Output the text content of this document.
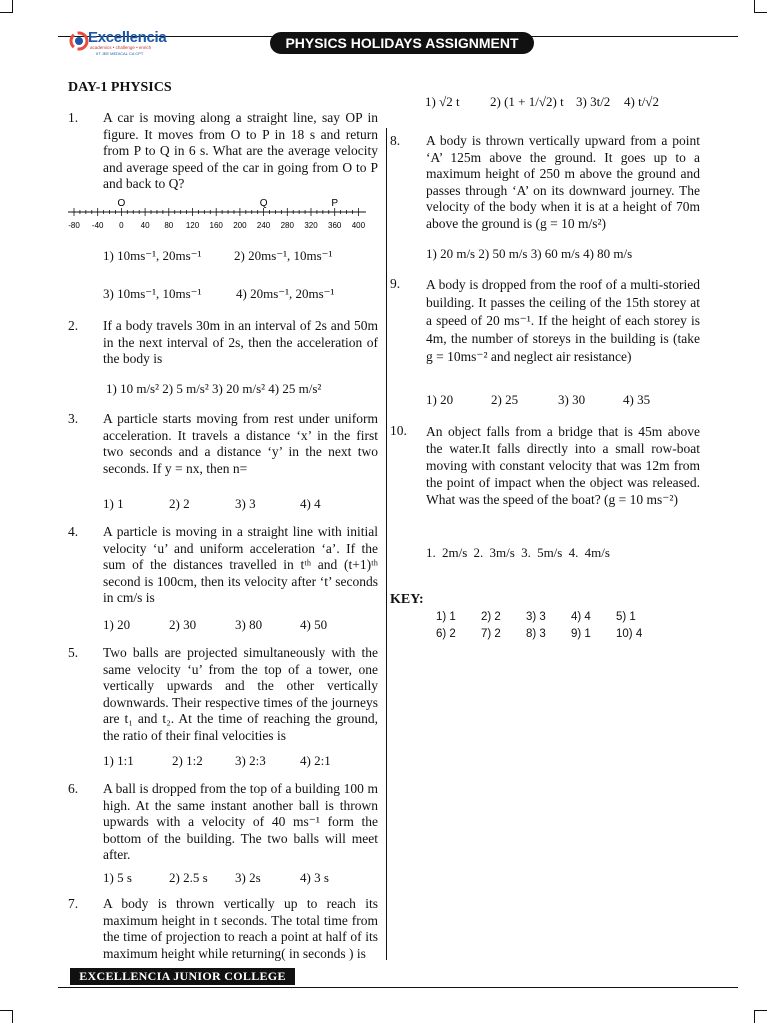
Excellencia
academics • challenge • enrich
IIT JEE MEDICAL CA CPT
PHYSICS HOLIDAYS ASSIGNMENT
DAY-1 PHYSICS
1. A car is moving along a straight line, say OP in figure. It moves from O to P in 18 s and return from P to Q in 6 s. What are the average velocity and average speed of the car in going from O to P and back to Q?
-80 -40 0 40 80 120 160 200 240 280 320 360 400
O	Q	P
1) 10ms⁻¹, 20ms⁻¹	2) 20ms⁻¹, 10ms⁻¹
3) 10ms⁻¹, 10ms⁻¹	4) 20ms⁻¹, 20ms⁻¹
2. If a body travels 30m in an interval of 2s and 50m in the next interval of 2s, then the acceleration of the body is
1) 10 m/s² 2) 5 m/s² 3) 20 m/s² 4) 25 m/s²
3. A particle starts moving from rest under uniform acceleration. It travels a distance ‘x’ in the first two seconds and a distance ‘y’ in the next two seconds. If y = nx, then n=
1) 1	2) 2	3) 3	4) 4
4. A particle is moving in a straight line with initial velocity ‘u’ and uniform acceleration ‘a’. If the sum of the distances travelled in tᵗʰ and (t+1)ᵗʰ second is 100cm, then its velocity after ‘t’ seconds in cm/s is
1) 20	2) 30	3) 80	4) 50
5. Two balls are projected simultaneously with the same velocity ‘u’ from the top of a tower, one vertically upwards and the other vertically downwards. Their respective times of the journeys are t₁ and t₂. At the time of reaching the ground, the ratio of their final velocities is
1) 1:1	2) 1:2 3) 2:3	4) 2:1
6. A ball is dropped from the top of a building 100 m high. At the same instant another ball is thrown upwards with a velocity of 40 ms⁻¹ form the bottom of the building. The two balls will meet after.
1) 5 s	2) 2.5 s 3) 2s	4) 3 s
7. A body is thrown vertically up to reach its maximum height in t seconds. The total time from the time of projection to reach a point at half of its maximum height while returning( in seconds ) is
1) √2 t 2) (1 + 1/√2) t 3) 3t/2 4) t/√2
8. A body is thrown vertically upward from a point ‘A’ 125m above the ground. It goes up to a maximum height of 250 m above the ground and passes through ‘A’ on its downward journey. The velocity of the body when it is at a height of 70m above the ground is (g = 10 m/s²)
1) 20 m/s 2) 50 m/s 3) 60 m/s 4) 80 m/s
9. A body is dropped from the roof of a multi-storied building. It passes the ceiling of the 15th storey at a speed of 20 ms⁻¹. If the height of each storey is 4m, the number of storeys in the building is (take g = 10ms⁻² and neglect air resistance)
1) 20	2) 25	3) 30	4) 35
10. An object falls from a bridge that is 45m above the water.It falls directly into a small row-boat moving with constant velocity that was 12m from the point of impact when the object was released. What was the speed of the boat? (g = 10 ms⁻²)
1. 2m/s 2. 3m/s 3. 5m/s 4. 4m/s
KEY:
1) 1 2) 2 3) 3 4) 4 5) 1
6) 2 7) 2 8) 3 9) 1 10) 4
EXCELLENCIA JUNIOR COLLEGE
